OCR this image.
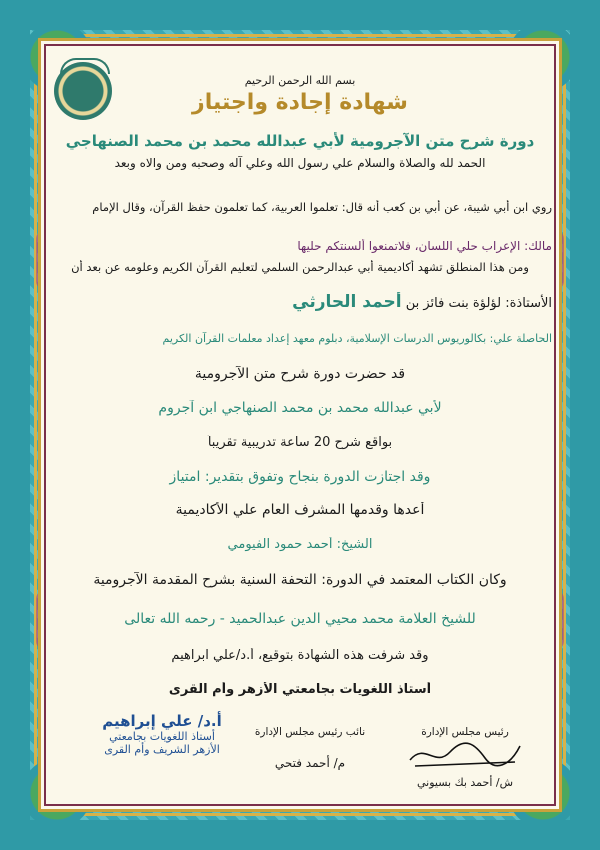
بسم الله الرحمن الرحيم
شهادة إجادة واجتياز
دورة شرح متن الآجرومية لأبي عبدالله محمد بن محمد الصنهاجي
الحمد لله والصلاة والسلام علي رسول الله وعلي آله وصحبه ومن والاه وبعد
روي ابن أبي شيبة، عن أبي بن كعب أنه قال: تعلموا العربية، كما تعلمون حفظ القرآن، وقال الإمام
مالك: الإعراب حلي اللسان، فلاتمنعوا ألسنتكم حليها
ومن هذا المنطلق تشهد أكاديمية أبي عبدالرحمن السلمي لتعليم القرآن الكريم وعلومه عن بعد أن
الأستاذة: لؤلؤة بنت فائز بن أحمد الحارثي
الحاصلة علي: بكالوريوس الدرسات الإسلامية، دبلوم معهد إعداد معلمات القرآن الكريم
قد حضرت دورة شرح متن الآجرومية
لأبي عبدالله محمد بن محمد الصنهاجي ابن آجروم
بواقع شرح 20 ساعة تدريبية تقريباً
وقد اجتازت الدورة بنجاح وتفوق بتقدير: امتياز
أعدها وقدمها المشرف العام علي الأكاديمية
الشيخ: أحمد حمود الفيومي
وكان الكتاب المعتمد في الدورة: التحفة السنية بشرح المقدمة الآجرومية
للشيخ العلامة محمد محيي الدين عبدالحميد - رحمه الله تعالى
وقد شرفت هذه الشهادة بتوقيع، أ.د/علي ابراهيم
أستاذ اللغويات بجامعتي الأزهر وأم القرى
أ.د/ علي إبراهيم
أستاذ اللغويات بجامعتي
الأزهر الشريف وأم القرى
نائب رئيس مجلس الإدارة
م/ أحمد فتحي
رئيس مجلس الإدارة
ش/ أحمد بك بسيوني
